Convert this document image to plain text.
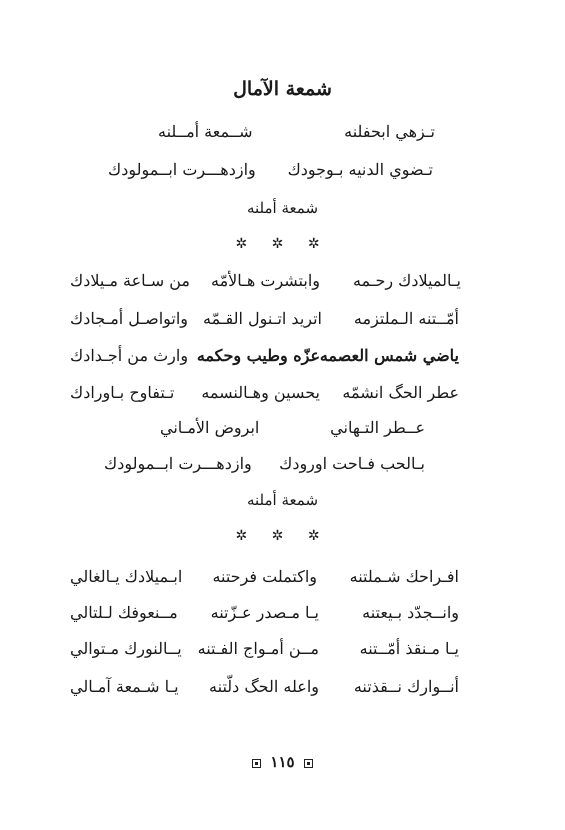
شمعة الآمال
تـزهي ابحفلنه
شــمعة أمــلنه
تـضوي الدنيه بـوجودك
وازدهـــرت ابــمولودك
شمعة أملنه
✲ ✲ ✲
يـالميلادك رحـمه
وابتشرت هـالأمّه
من سـاعة مـيلادك
أمّــتنه الـملتزمه
اتريد اتـنول القـمّه
واتواصـل أمـجادك
ياضي شمس العصمه
عزّه وطيب وحكمه
وارث من أجـدادك
عطر الحگ انشمّه
يحسين وهـالنسمه
تـتفاوح بـاورادك
عــطر التـهاني
ابروض الأمـاني
بـالحب فـاحت اورودك
وازدهـــرت ابــمولودك
شمعة أملنه
✲ ✲ ✲
افـراحك شـملتنه
واكتملت فرحتنه
ابـميلادك يـالغالي
وانــجدّد بـيعتنه
يـا مـصدر عـزّتنه
مــنعوفك لـلتالي
يـا مـنقذ أمّــتنه
مــن أمـواج الفـتنه
يــالنورك مـتوالي
أنــوارك نــقذتنه
واعله الحگ دلّتنه
يـا شـمعة آمـالي
١١٥
